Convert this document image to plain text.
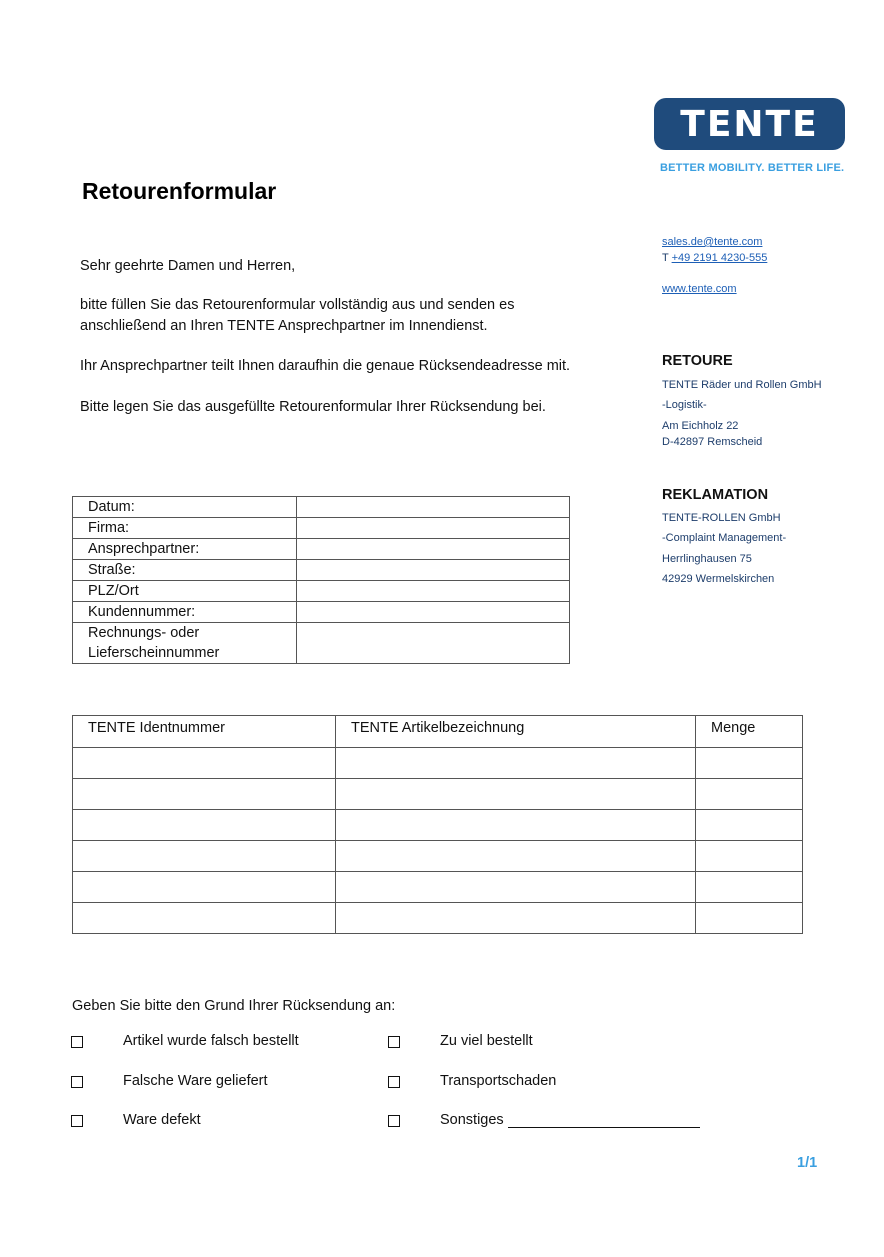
TENTE
BETTER MOBILITY. BETTER LIFE.
Retourenformular
Sehr geehrte Damen und Herren,
bitte füllen Sie das Retourenformular vollständig aus und senden es
anschließend an Ihren TENTE Ansprechpartner im Innendienst.
Ihr Ansprechpartner teilt Ihnen daraufhin die genaue Rücksendeadresse mit.
Bitte legen Sie das ausgefüllte Retourenformular Ihrer Rücksendung bei.
sales.de@tente.com
T +49 2191 4230-555
www.tente.com
RETOURE
TENTE Räder und Rollen GmbH
-Logistik-
Am Eichholz 22
D-42897 Remscheid
REKLAMATION
TENTE-ROLLEN GmbH
-Complaint Management-
Herrlinghausen 75
42929 Wermelskirchen
Datum:	
Firma:	
Ansprechpartner:	
Straße:	
PLZ/Ort	
Kundennummer:	

Rechnungs- oder
Lieferscheinnummer	

TENTE Identnummer	TENTE Artikelbezeichnung	Menge

Geben Sie bitte den Grund Ihrer Rücksendung an:
Artikel wurde falsch bestellt	Zu viel bestellt
Falsche Ware geliefert	Transportschaden
Ware defekt	Sonstiges
1/1
